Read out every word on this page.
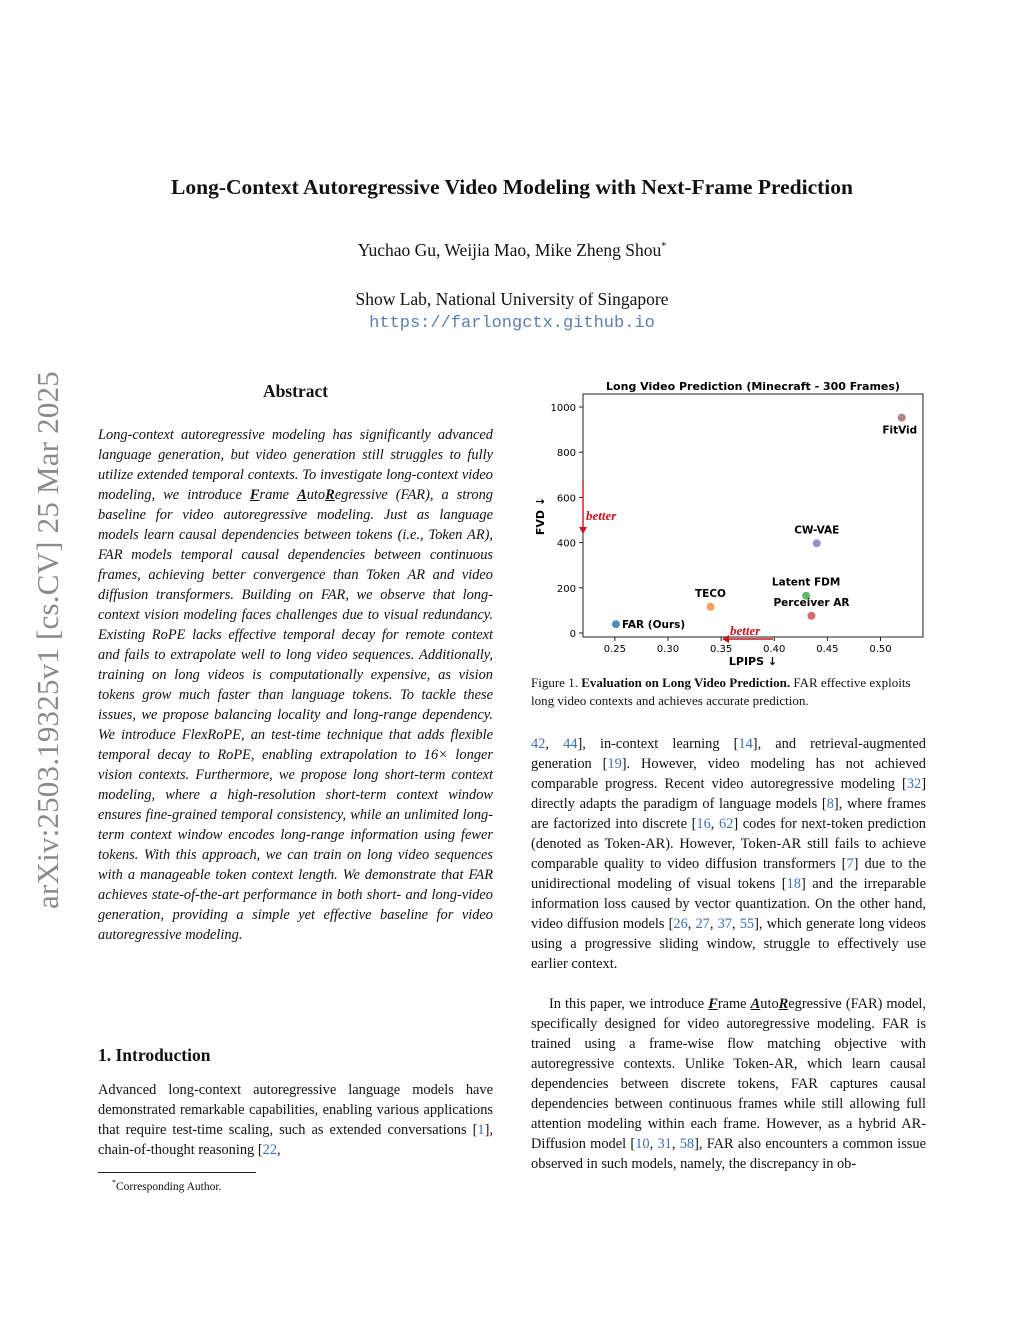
Long-Context Autoregressive Video Modeling with Next-Frame Prediction
Yuchao Gu, Weijia Mao, Mike Zheng Shou*
Show Lab, National University of Singapore
https://farlongctx.github.io
arXiv:2503.19325v1 [cs.CV] 25 Mar 2025	Abstract
Long-context autoregressive modeling has significantly advanced language generation, but video generation still struggles to fully utilize extended temporal contexts. To investigate long-context video modeling, we introduce Frame AutoRegressive (FAR), a strong baseline for video autoregressive modeling. Just as language models learn causal dependencies between tokens (i.e., Token AR), FAR models temporal causal dependencies between continuous frames, achieving better convergence than Token AR and video diffusion transformers. Building on FAR, we observe that long-context vision modeling faces challenges due to visual redundancy. Existing RoPE lacks effective temporal decay for remote context and fails to extrapolate well to long video sequences. Additionally, training on long videos is computationally expensive, as vision tokens grow much faster than language tokens. To tackle these issues, we propose balancing locality and long-range dependency. We introduce FlexRoPE, an test-time technique that adds flexible temporal decay to RoPE, enabling extrapolation to 16× longer vision contexts. Furthermore, we propose long short-term context modeling, where a high-resolution short-term context window ensures fine-grained temporal consistency, while an unlimited long-term context window encodes long-range information using fewer tokens. With this approach, we can train on long video sequences with a manageable token context length. We demonstrate that FAR achieves state-of-the-art performance in both short- and long-video generation, providing a simple yet effective baseline for video autoregressive modeling.
1. Introduction
Advanced long-context autoregressive language models have demonstrated remarkable capabilities, enabling various applications that require test-time scaling, such as extended conversations [1], chain-of-thought reasoning [22,
*Corresponding Author.
Long Video Prediction (Minecraft - 300 Frames)
0
200
400
600
800
1000
0.25	0.30	0.35	0.40	0.45	0.50
LPIPS ↓
FVD ↓
FAR (Ours)
TECO
Latent FDM
Perceiver AR
CW-VAE
FitVid
better
better
Figure 1. Evaluation on Long Video Prediction. FAR effective exploits long video contexts and achieves accurate prediction.
42, 44], in-context learning [14], and retrieval-augmented generation [19]. However, video modeling has not achieved comparable progress. Recent video autoregressive modeling [32] directly adapts the paradigm of language models [8], where frames are factorized into discrete [16, 62] codes for next-token prediction (denoted as Token-AR). However, Token-AR still fails to achieve comparable quality to video diffusion transformers [7] due to the unidirectional modeling of visual tokens [18] and the irreparable information loss caused by vector quantization. On the other hand, video diffusion models [26, 27, 37, 55], which generate long videos using a progressive sliding window, struggle to effectively use earlier context.
In this paper, we introduce Frame AutoRegressive (FAR) model, specifically designed for video autoregressive modeling. FAR is trained using a frame-wise flow matching objective with autoregressive contexts. Unlike Token-AR, which learn causal dependencies between discrete tokens, FAR captures causal dependencies between continuous frames while still allowing full attention modeling within each frame. However, as a hybrid AR-Diffusion model [10, 31, 58], FAR also encounters a common issue observed in such models, namely, the discrepancy in ob-
